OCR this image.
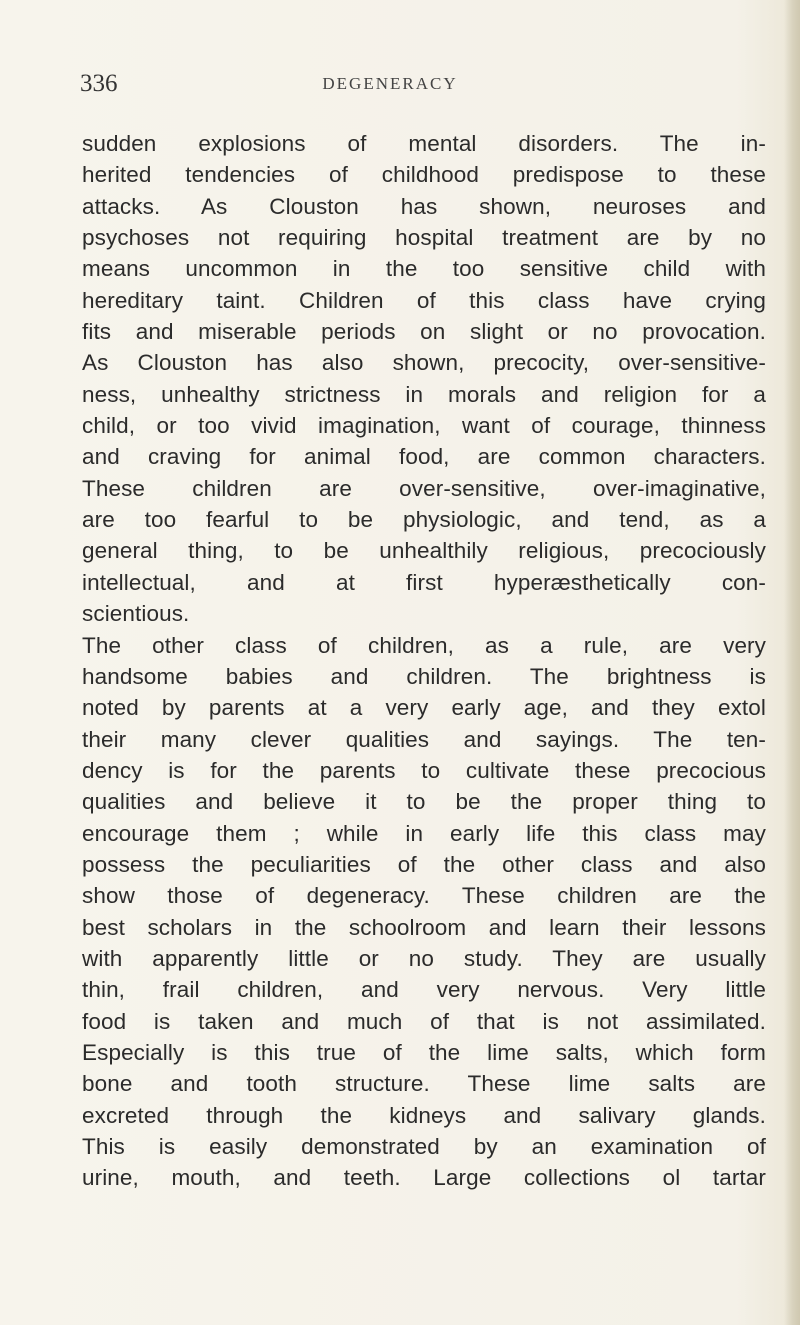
336	DEGENERACY
sudden explosions of mental disorders. The in-
herited tendencies of childhood predispose to these
attacks. As Clouston has shown, neuroses and
psychoses not requiring hospital treatment are by no
means uncommon in the too sensitive child with
hereditary taint. Children of this class have crying
fits and miserable periods on slight or no provocation.
As Clouston has also shown, precocity, over-sensitive-
ness, unhealthy strictness in morals and religion for a
child, or too vivid imagination, want of courage, thinness
and craving for animal food, are common characters.
These children are over-sensitive, over-imaginative,
are too fearful to be physiologic, and tend, as a
general thing, to be unhealthily religious, precociously
intellectual, and at first hyperæsthetically con-
scientious.
The other class of children, as a rule, are very
handsome babies and children. The brightness is
noted by parents at a very early age, and they extol
their many clever qualities and sayings. The ten-
dency is for the parents to cultivate these precocious
qualities and believe it to be the proper thing to
encourage them ; while in early life this class may
possess the peculiarities of the other class and also
show those of degeneracy. These children are the
best scholars in the schoolroom and learn their lessons
with apparently little or no study. They are usually
thin, frail children, and very nervous. Very little
food is taken and much of that is not assimilated.
Especially is this true of the lime salts, which form
bone and tooth structure. These lime salts are
excreted through the kidneys and salivary glands.
This is easily demonstrated by an examination of
urine, mouth, and teeth. Large collections ol tartar
